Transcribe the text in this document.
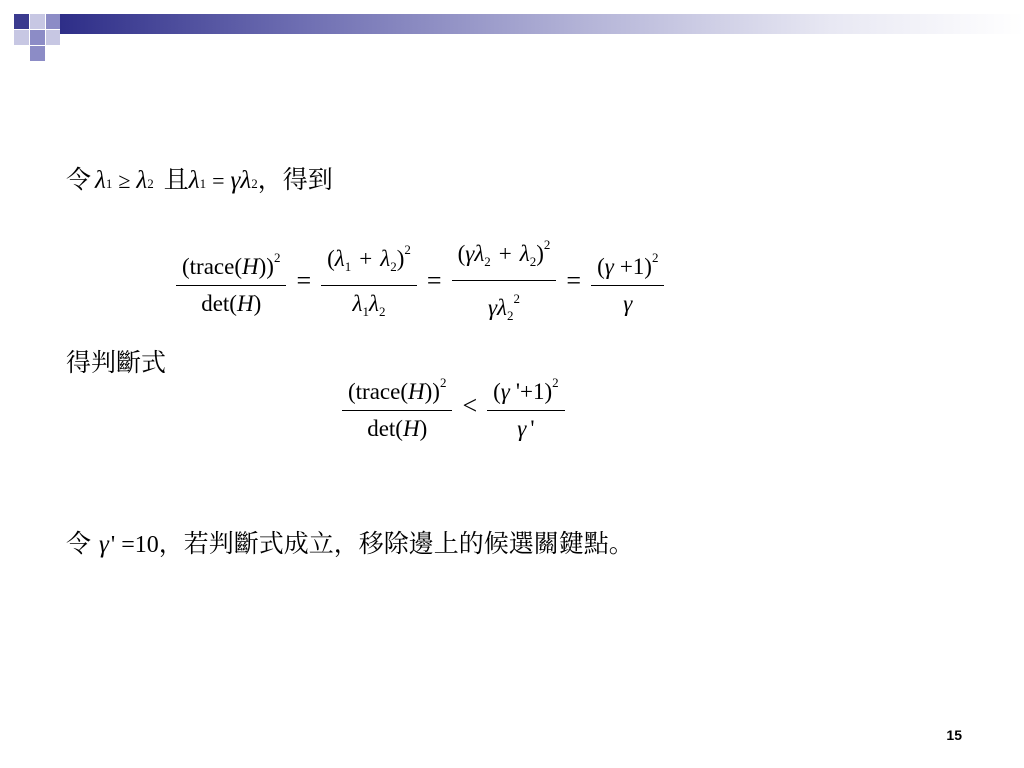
令 λ 1 ≥ λ 2 且 λ 1 = γ λ 2 ，得到
$\frac{(trace(H))^2}{\det(H)} = \frac{(\lambda_1 + \lambda_2)^2}{\lambda_1\lambda_2} = \frac{(\gamma\lambda_2 + \lambda_2)^2}{\gamma\lambda_2^2} = \frac{(\gamma +1)^2}{\gamma}$
得判斷式
$\frac{(trace(H))^2}{\det(H)} < \frac{(\gamma '+1)^2}{\gamma '}$
令 γ ' =10 ，若判斷式成立，移除邊上的候選關鍵點。
15
